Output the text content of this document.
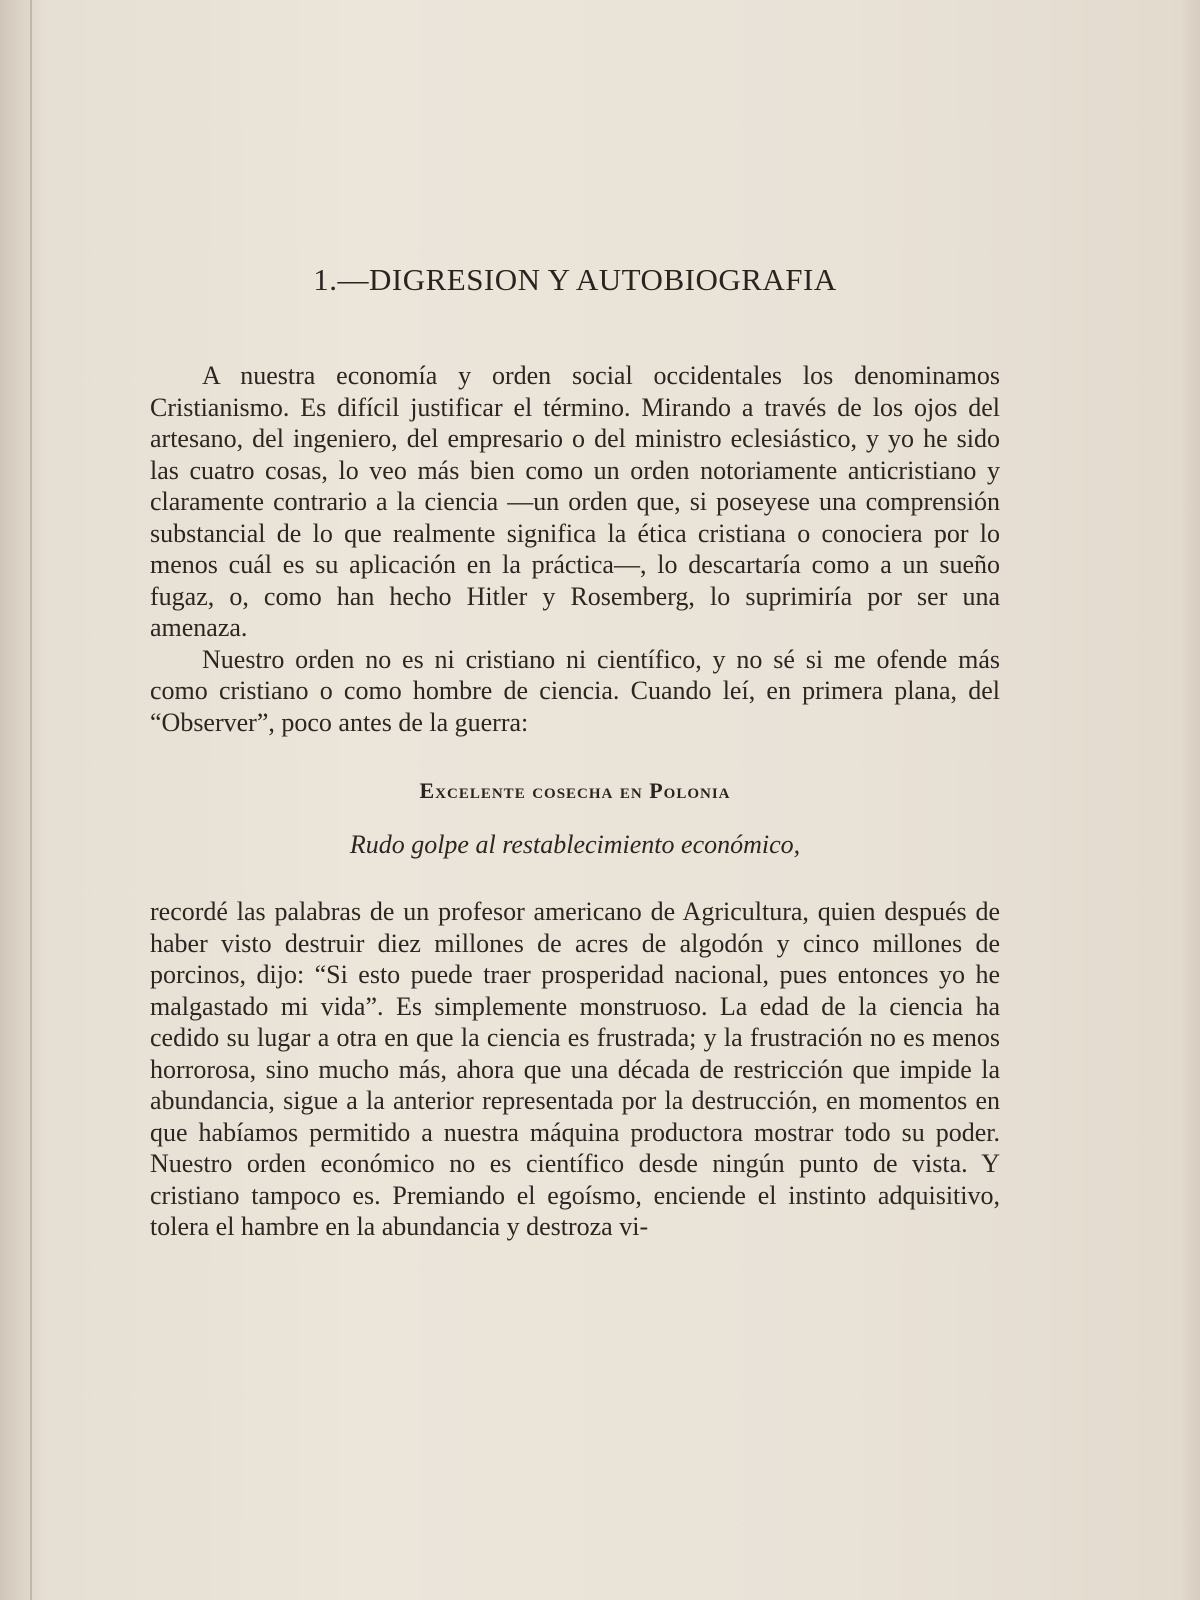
1.—DIGRESION Y AUTOBIOGRAFIA

A nuestra economía y orden social occidentales los denominamos Cristianismo. Es difícil justificar el término. Mirando a través de los ojos del artesano, del ingeniero, del empresario o del ministro eclesiástico, y yo he sido las cuatro cosas, lo veo más bien como un orden notoriamente anticristiano y claramente contrario a la ciencia —un orden que, si poseyese una comprensión substancial de lo que realmente significa la ética cristiana o conociera por lo menos cuál es su aplicación en la práctica—, lo descartaría como a un sueño fugaz, o, como han hecho Hitler y Rosemberg, lo suprimiría por ser una amenaza.

Nuestro orden no es ni cristiano ni científico, y no sé si me ofende más como cristiano o como hombre de ciencia. Cuando leí, en primera plana, del “Observer”, poco antes de la guerra:

Excelente cosecha en Polonia
Rudo golpe al restablecimiento económico,

recordé las palabras de un profesor americano de Agricultura, quien después de haber visto destruir diez millones de acres de algodón y cinco millones de porcinos, dijo: “Si esto puede traer prosperidad nacional, pues entonces yo he malgastado mi vida”. Es simplemente monstruoso. La edad de la ciencia ha cedido su lugar a otra en que la ciencia es frustrada; y la frustración no es menos horrorosa, sino mucho más, ahora que una década de restricción que impide la abundancia, sigue a la anterior representada por la destrucción, en momentos en que habíamos permitido a nuestra máquina productora mostrar todo su poder. Nuestro orden económico no es científico desde ningún punto de vista. Y cristiano tampoco es. Premiando el egoísmo, enciende el instinto adquisitivo, tolera el hambre en la abundancia y destroza vi-
